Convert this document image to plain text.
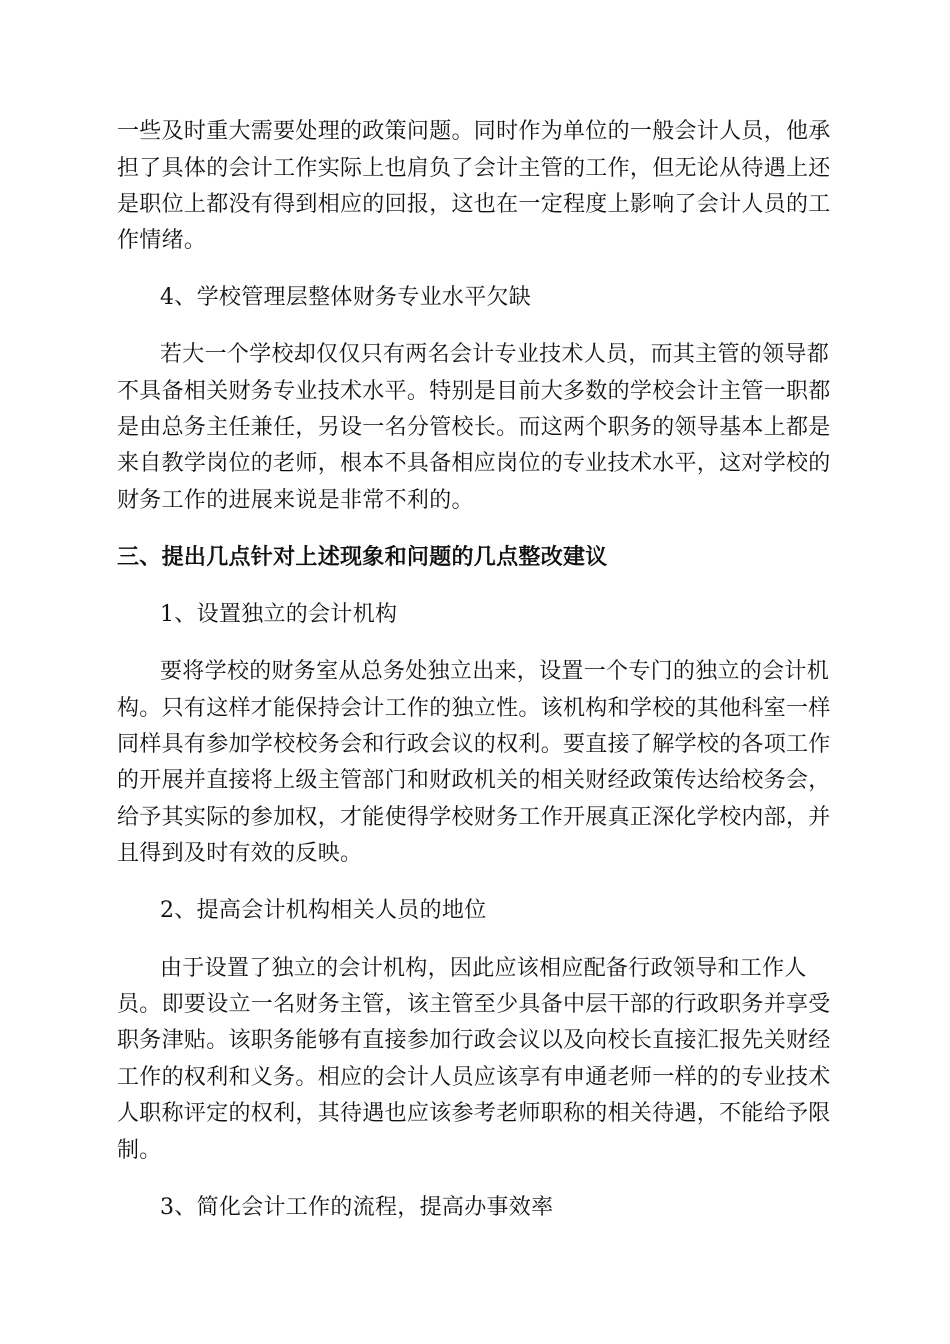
一些及时重大需要处理的政策问题。同时作为单位的一般会计人员，他承
担了具体的会计工作实际上也肩负了会计主管的工作，但无论从待遇上还
是职位上都没有得到相应的回报，这也在一定程度上影响了会计人员的工
作情绪。
4、学校管理层整体财务专业水平欠缺
若大一个学校却仅仅只有两名会计专业技术人员，而其主管的领导都
不具备相关财务专业技术水平。特别是目前大多数的学校会计主管一职都
是由总务主任兼任，另设一名分管校长。而这两个职务的领导基本上都是
来自教学岗位的老师，根本不具备相应岗位的专业技术水平，这对学校的
财务工作的进展来说是非常不利的。
三、提出几点针对上述现象和问题的几点整改建议
1、设置独立的会计机构
要将学校的财务室从总务处独立出来，设置一个专门的独立的会计机
构。只有这样才能保持会计工作的独立性。该机构和学校的其他科室一样
同样具有参加学校校务会和行政会议的权利。要直接了解学校的各项工作
的开展并直接将上级主管部门和财政机关的相关财经政策传达给校务会，
给予其实际的参加权，才能使得学校财务工作开展真正深化学校内部，并
且得到及时有效的反映。
2、提高会计机构相关人员的地位
由于设置了独立的会计机构，因此应该相应配备行政领导和工作人
员。即要设立一名财务主管，该主管至少具备中层干部的行政职务并享受
职务津贴。该职务能够有直接参加行政会议以及向校长直接汇报先关财经
工作的权利和义务。相应的会计人员应该享有申通老师一样的的专业技术
人职称评定的权利，其待遇也应该参考老师职称的相关待遇，不能给予限
制。
3、简化会计工作的流程，提高办事效率
